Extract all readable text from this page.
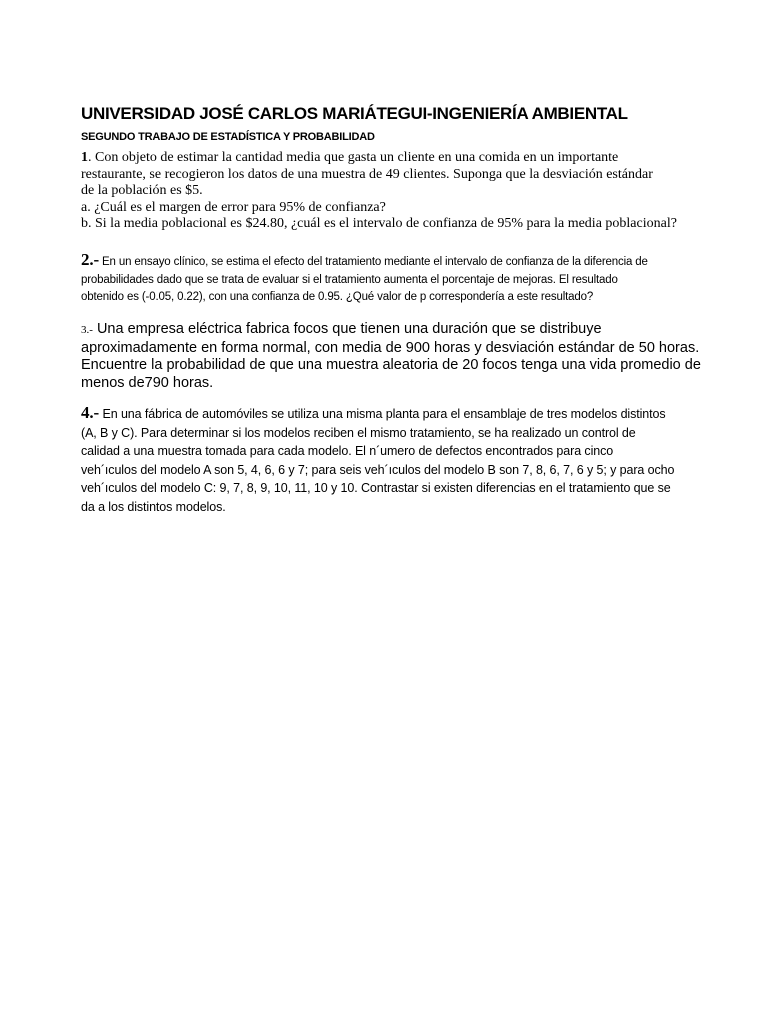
UNIVERSIDAD JOSÉ CARLOS MARIÁTEGUI-INGENIERÍA AMBIENTAL
SEGUNDO TRABAJO DE ESTADÍSTICA Y PROBABILIDAD
1. Con objeto de estimar la cantidad media que gasta un cliente en una comida en un importante
restaurante, se recogieron los datos de una muestra de 49 clientes. Suponga que la desviación estándar
de la población es $5.
a. ¿Cuál es el margen de error para 95% de confianza?
b. Si la media poblacional es $24.80, ¿cuál es el intervalo de confianza de 95% para la media poblacional?
2.- En un ensayo clínico, se estima el efecto del tratamiento mediante el intervalo de confianza de la diferencia de
probabilidades dado que se trata de evaluar si el tratamiento aumenta el porcentaje de mejoras. El resultado
obtenido es (-0.05, 0.22), con una confianza de 0.95. ¿Qué valor de p correspondería a este resultado?
3.- Una empresa eléctrica fabrica focos que tienen una duración que se distribuye
aproximadamente en forma normal, con media de 900 horas y desviación estándar de 50 horas.
Encuentre la probabilidad de que una muestra aleatoria de 20 focos tenga una vida promedio de
menos de790 horas.
4.- En una fábrica de automóviles se utiliza una misma planta para el ensamblaje de tres modelos distintos
(A, B y C). Para determinar si los modelos reciben el mismo tratamiento, se ha realizado un control de
calidad a una muestra tomada para cada modelo. El n´umero de defectos encontrados para cinco
veh´ıculos del modelo A son 5, 4, 6, 6 y 7; para seis veh´ıculos del modelo B son 7, 8, 6, 7, 6 y 5; y para ocho
veh´ıculos del modelo C: 9, 7, 8, 9, 10, 11, 10 y 10. Contrastar si existen diferencias en el tratamiento que se
da a los distintos modelos.
